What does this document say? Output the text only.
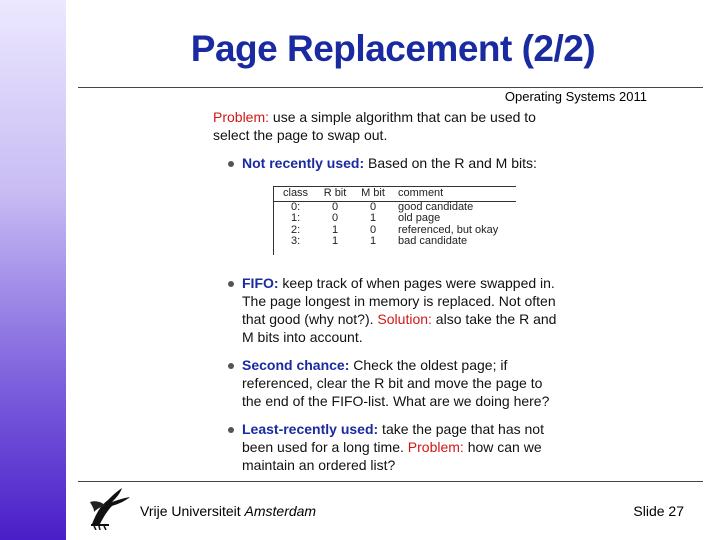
Page Replacement (2/2)
Operating Systems 2011

Problem: use a simple algorithm that can be used to select the page to swap out.

Not recently used: Based on the R and M bits:
class	R bit	M bit	comment
0:	0	0	good candidate
1:	0	1	old page
2:	1	0	referenced, but okay
3:	1	1	bad candidate
FIFO: keep track of when pages were swapped in. The page longest in memory is replaced. Not often that good (why not?). Solution: also take the R and M bits into account.
Second chance: Check the oldest page; if referenced, clear the R bit and move the page to the end of the FIFO-list. What are we doing here?
Least-recently used: take the page that has not been used for a long time. Problem: how can we maintain an ordered list?
Vrije Universiteit Amsterdam	Slide 27
